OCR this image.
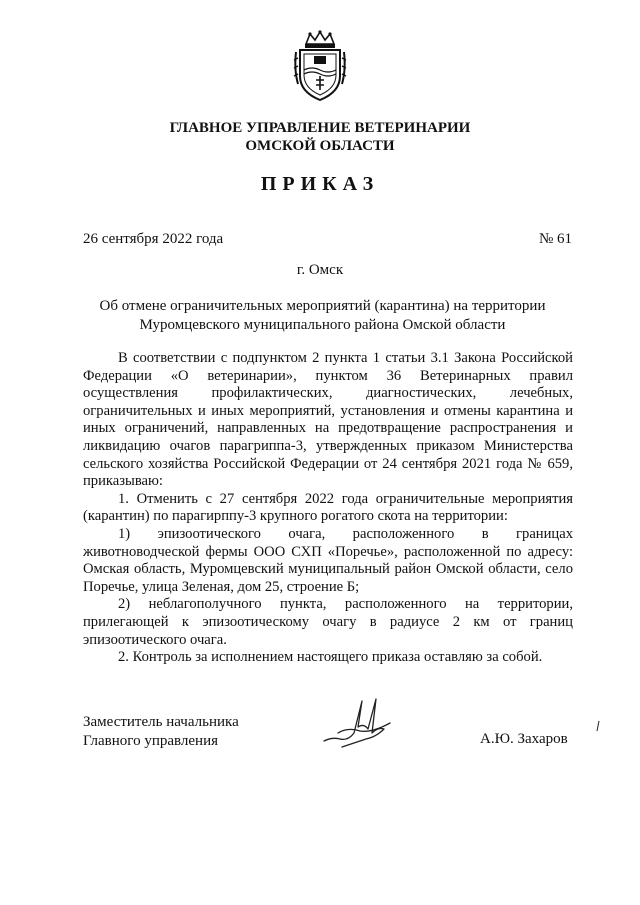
ГЛАВНОЕ УПРАВЛЕНИЕ ВЕТЕРИНАРИИ
ОМСКОЙ ОБЛАСТИ
ПРИКАЗ
26 сентября 2022 года	№ 61
г. Омск
Об отмене ограничительных мероприятий (карантина) на территории Муромцевского муниципального района Омской области

В соответствии с подпунктом 2 пункта 1 статьи 3.1 Закона Российской Федерации «О ветеринарии», пунктом 36 Ветеринарных правил осуществления профилактических, диагностических, лечебных, ограничительных и иных мероприятий, установления и отмены карантина и иных ограничений, направленных на предотвращение распространения и ликвидацию очагов парагриппа-3, утвержденных приказом Министерства сельского хозяйства Российской Федерации от 24 сентября 2021 года № 659, приказываю:

1. Отменить с 27 сентября 2022 года ограничительные мероприятия (карантин) по парагирппу-3 крупного рогатого скота на территории:

1) эпизоотического очага, расположенного в границах животноводческой фермы ООО СХП «Поречье», расположенной по адресу: Омская область, Муромцевский муниципальный район Омской области, село Поречье, улица Зеленая, дом 25, строение Б;

2) неблагополучного пункта, расположенного на территории, прилегающей к эпизоотическому очагу в радиусе 2 км от границ эпизоотического очага.

2. Контроль за исполнением настоящего приказа оставляю за собой.

Заместитель начальника
Главного управления	А.Ю. Захаров
